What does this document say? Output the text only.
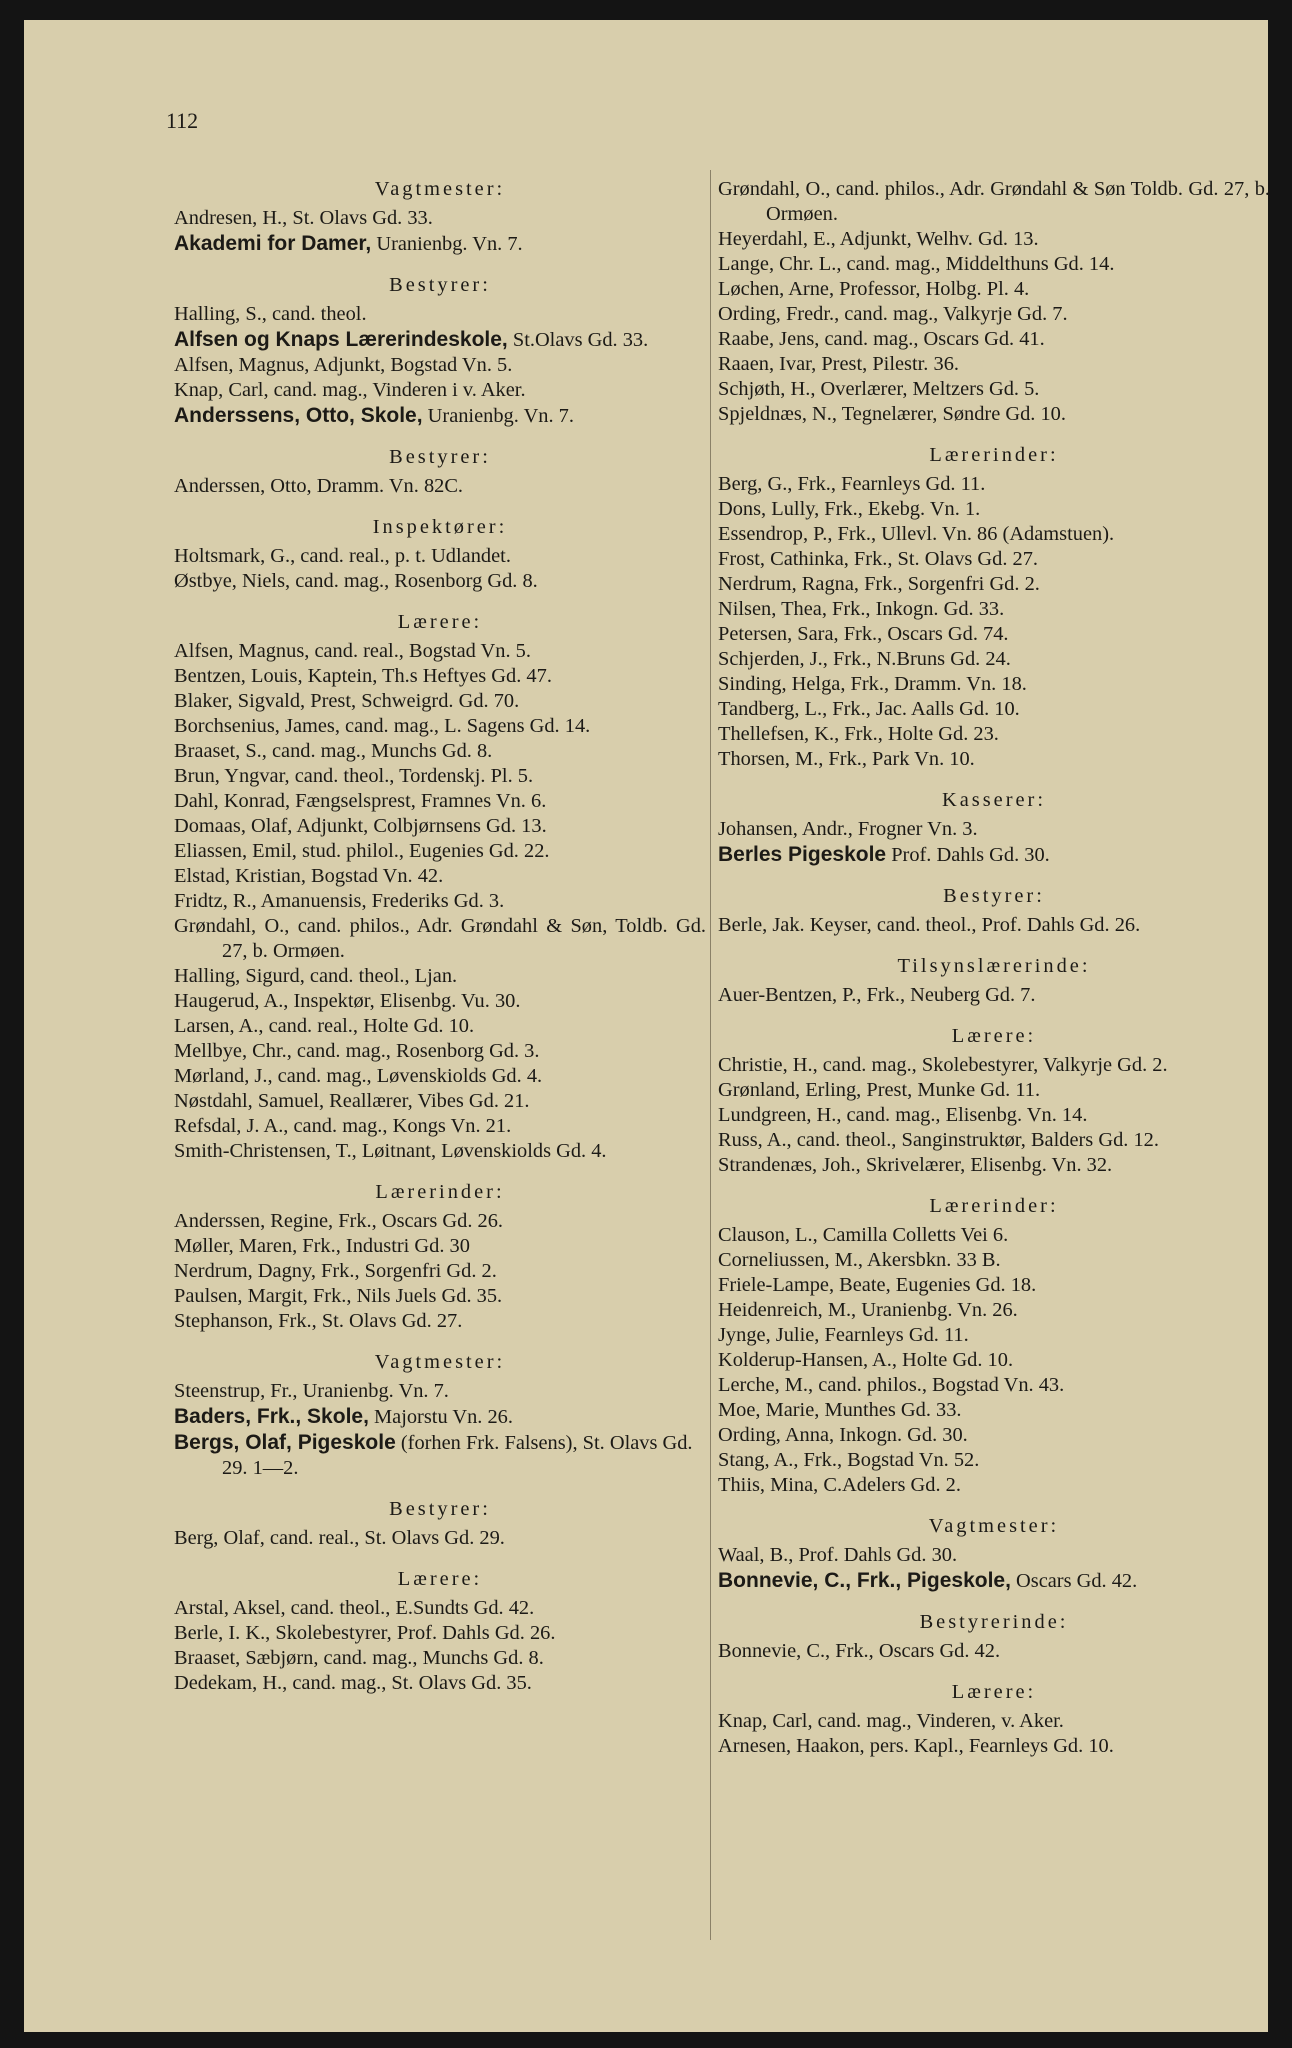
112
Vagtmester:
Andresen, H., St. Olavs Gd. 33.
Akademi for Damer, Uranienbg. Vn. 7.
Bestyrer:
Halling, S., cand. theol.
Alfsen og Knaps Lærerindeskole, St.Olavs Gd. 33.
Alfsen, Magnus, Adjunkt, Bogstad Vn. 5.
Knap, Carl, cand. mag., Vinderen i v. Aker.
Anderssens, Otto, Skole, Uranienbg. Vn. 7.
Bestyrer:
Anderssen, Otto, Dramm. Vn. 82C.
Inspektører:
Holtsmark, G., cand. real., p. t. Udlandet.
Østbye, Niels, cand. mag., Rosenborg Gd. 8.
Lærere:
Alfsen, Magnus, cand. real., Bogstad Vn. 5.
Bentzen, Louis, Kaptein, Th.s Heftyes Gd. 47.
Blaker, Sigvald, Prest, Schweigrd. Gd. 70.
Borchsenius, James, cand. mag., L. Sagens Gd. 14.
Braaset, S., cand. mag., Munchs Gd. 8.
Brun, Yngvar, cand. theol., Tordenskj. Pl. 5.
Dahl, Konrad, Fængselsprest, Framnes Vn. 6.
Domaas, Olaf, Adjunkt, Colbjørnsens Gd. 13.
Eliassen, Emil, stud. philol., Eugenies Gd. 22.
Elstad, Kristian, Bogstad Vn. 42.
Fridtz, R., Amanuensis, Frederiks Gd. 3.
Grøndahl, O., cand. philos., Adr. Grøndahl & Søn, Toldb. Gd. 27, b. Ormøen.
Halling, Sigurd, cand. theol., Ljan.
Haugerud, A., Inspektør, Elisenbg. Vu. 30.
Larsen, A., cand. real., Holte Gd. 10.
Mellbye, Chr., cand. mag., Rosenborg Gd. 3.
Mørland, J., cand. mag., Løvenskiolds Gd. 4.
Nøstdahl, Samuel, Reallærer, Vibes Gd. 21.
Refsdal, J. A., cand. mag., Kongs Vn. 21.
Smith-Christensen, T., Løitnant, Løvenskiolds Gd. 4.
Lærerinder:
Anderssen, Regine, Frk., Oscars Gd. 26.
Møller, Maren, Frk., Industri Gd. 30
Nerdrum, Dagny, Frk., Sorgenfri Gd. 2.
Paulsen, Margit, Frk., Nils Juels Gd. 35.
Stephanson, Frk., St. Olavs Gd. 27.
Vagtmester:
Steenstrup, Fr., Uranienbg. Vn. 7.
Baders, Frk., Skole, Majorstu Vn. 26.
Bergs, Olaf, Pigeskole (forhen Frk. Falsens), St. Olavs Gd. 29. 1—2.
Bestyrer:
Berg, Olaf, cand. real., St. Olavs Gd. 29.
Lærere:
Arstal, Aksel, cand. theol., E.Sundts Gd. 42.
Berle, I. K., Skolebestyrer, Prof. Dahls Gd. 26.
Braaset, Sæbjørn, cand. mag., Munchs Gd. 8.
Dedekam, H., cand. mag., St. Olavs Gd. 35.
Grøndahl, O., cand. philos., Adr. Grøndahl & Søn Toldb. Gd. 27, b. Ormøen.
Heyerdahl, E., Adjunkt, Welhv. Gd. 13.
Lange, Chr. L., cand. mag., Middelthuns Gd. 14.
Løchen, Arne, Professor, Holbg. Pl. 4.
Ording, Fredr., cand. mag., Valkyrje Gd. 7.
Raabe, Jens, cand. mag., Oscars Gd. 41.
Raaen, Ivar, Prest, Pilestr. 36.
Schjøth, H., Overlærer, Meltzers Gd. 5.
Spjeldnæs, N., Tegnelærer, Søndre Gd. 10.
Lærerinder:
Berg, G., Frk., Fearnleys Gd. 11.
Dons, Lully, Frk., Ekebg. Vn. 1.
Essendrop, P., Frk., Ullevl. Vn. 86 (Adamstuen).
Frost, Cathinka, Frk., St. Olavs Gd. 27.
Nerdrum, Ragna, Frk., Sorgenfri Gd. 2.
Nilsen, Thea, Frk., Inkogn. Gd. 33.
Petersen, Sara, Frk., Oscars Gd. 74.
Schjerden, J., Frk., N.Bruns Gd. 24.
Sinding, Helga, Frk., Dramm. Vn. 18.
Tandberg, L., Frk., Jac. Aalls Gd. 10.
Thellefsen, K., Frk., Holte Gd. 23.
Thorsen, M., Frk., Park Vn. 10.
Kasserer:
Johansen, Andr., Frogner Vn. 3.
Berles Pigeskole Prof. Dahls Gd. 30.
Bestyrer:
Berle, Jak. Keyser, cand. theol., Prof. Dahls Gd. 26.
Tilsynslærerinde:
Auer-Bentzen, P., Frk., Neuberg Gd. 7.
Lærere:
Christie, H., cand. mag., Skolebestyrer, Valkyrje Gd. 2.
Grønland, Erling, Prest, Munke Gd. 11.
Lundgreen, H., cand. mag., Elisenbg. Vn. 14.
Russ, A., cand. theol., Sanginstruktør, Balders Gd. 12.
Strandenæs, Joh., Skrivelærer, Elisenbg. Vn. 32.
Lærerinder:
Clauson, L., Camilla Colletts Vei 6.
Corneliussen, M., Akersbkn. 33 B.
Friele-Lampe, Beate, Eugenies Gd. 18.
Heidenreich, M., Uranienbg. Vn. 26.
Jynge, Julie, Fearnleys Gd. 11.
Kolderup-Hansen, A., Holte Gd. 10.
Lerche, M., cand. philos., Bogstad Vn. 43.
Moe, Marie, Munthes Gd. 33.
Ording, Anna, Inkogn. Gd. 30.
Stang, A., Frk., Bogstad Vn. 52.
Thiis, Mina, C.Adelers Gd. 2.
Vagtmester:
Waal, B., Prof. Dahls Gd. 30.
Bonnevie, C., Frk., Pigeskole, Oscars Gd. 42.
Bestyrerinde:
Bonnevie, C., Frk., Oscars Gd. 42.
Lærere:
Knap, Carl, cand. mag., Vinderen, v. Aker.
Arnesen, Haakon, pers. Kapl., Fearnleys Gd. 10.
